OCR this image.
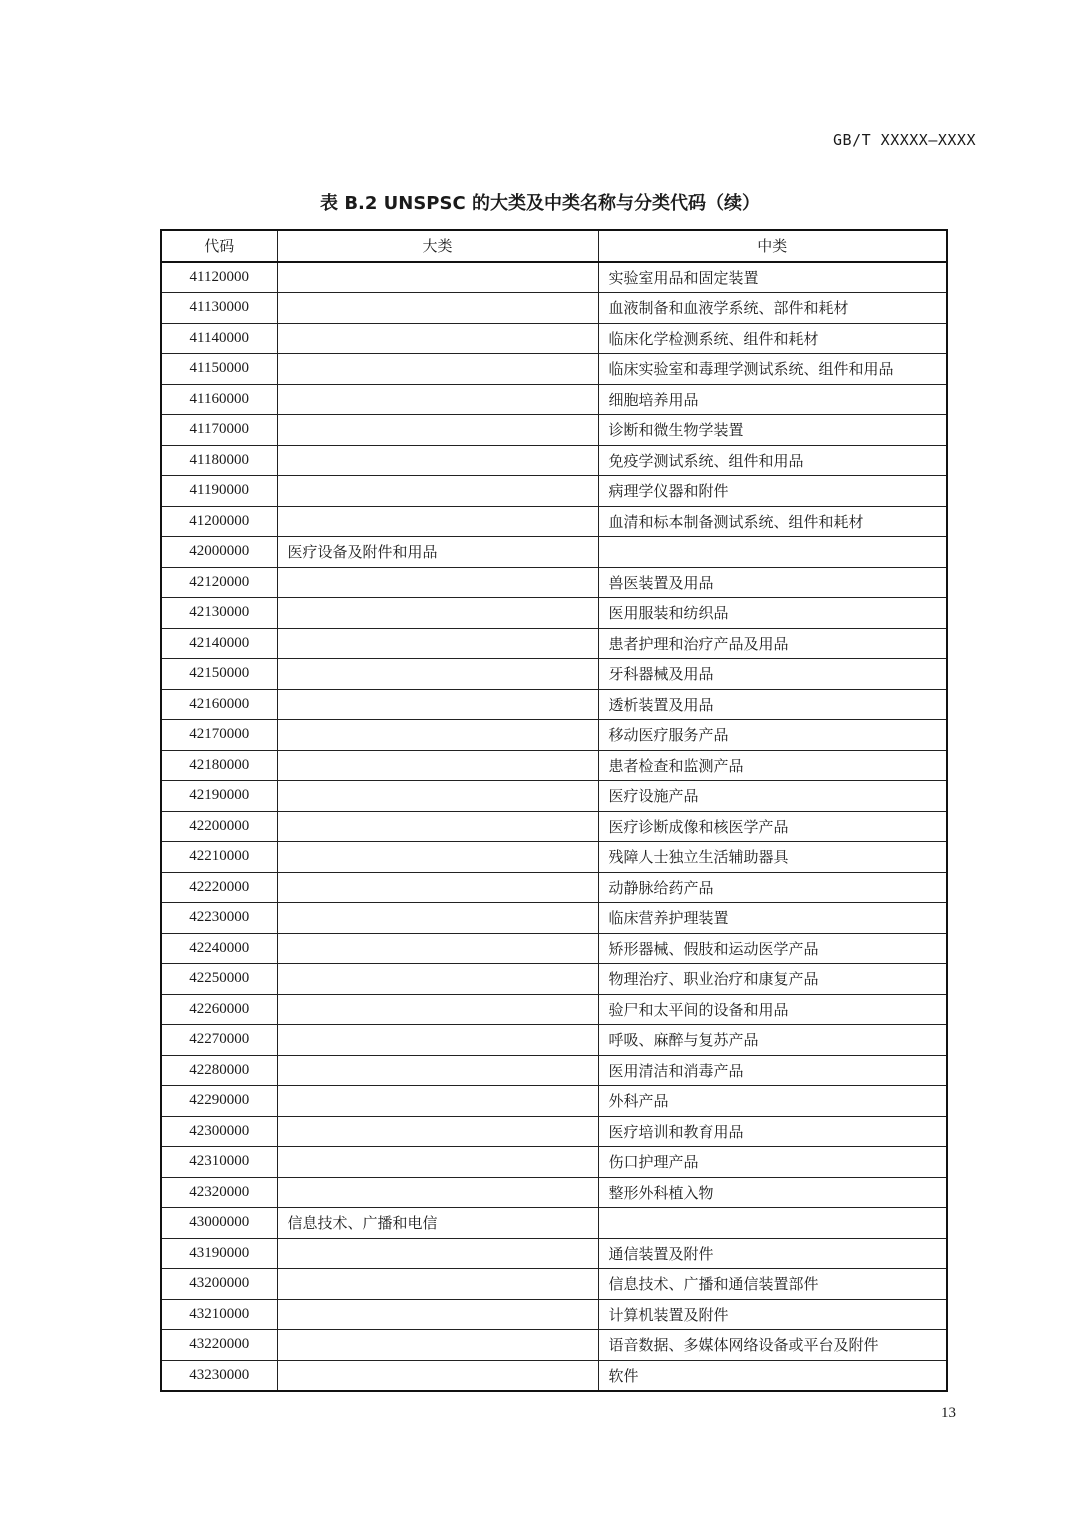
GB/T XXXXX—XXXX
表 B.2 UNSPSC 的大类及中类名称与分类代码（续）
代码	大类	中类
41120000		实验室用品和固定装置
41130000		血液制备和血液学系统、部件和耗材
41140000		临床化学检测系统、组件和耗材
41150000		临床实验室和毒理学测试系统、组件和用品
41160000		细胞培养用品
41170000		诊断和微生物学装置
41180000		免疫学测试系统、组件和用品
41190000		病理学仪器和附件
41200000		血清和标本制备测试系统、组件和耗材
42000000	医疗设备及附件和用品	
42120000		兽医装置及用品
42130000		医用服装和纺织品
42140000		患者护理和治疗产品及用品
42150000		牙科器械及用品
42160000		透析装置及用品
42170000		移动医疗服务产品
42180000		患者检查和监测产品
42190000		医疗设施产品
42200000		医疗诊断成像和核医学产品
42210000		残障人士独立生活辅助器具
42220000		动静脉给药产品
42230000		临床营养护理装置
42240000		矫形器械、假肢和运动医学产品
42250000		物理治疗、职业治疗和康复产品
42260000		验尸和太平间的设备和用品
42270000		呼吸、麻醉与复苏产品
42280000		医用清洁和消毒产品
42290000		外科产品
42300000		医疗培训和教育用品
42310000		伤口护理产品
42320000		整形外科植入物
43000000	信息技术、广播和电信	
43190000		通信装置及附件
43200000		信息技术、广播和通信装置部件
43210000		计算机装置及附件
43220000		语音数据、多媒体网络设备或平台及附件
43230000		软件
13
